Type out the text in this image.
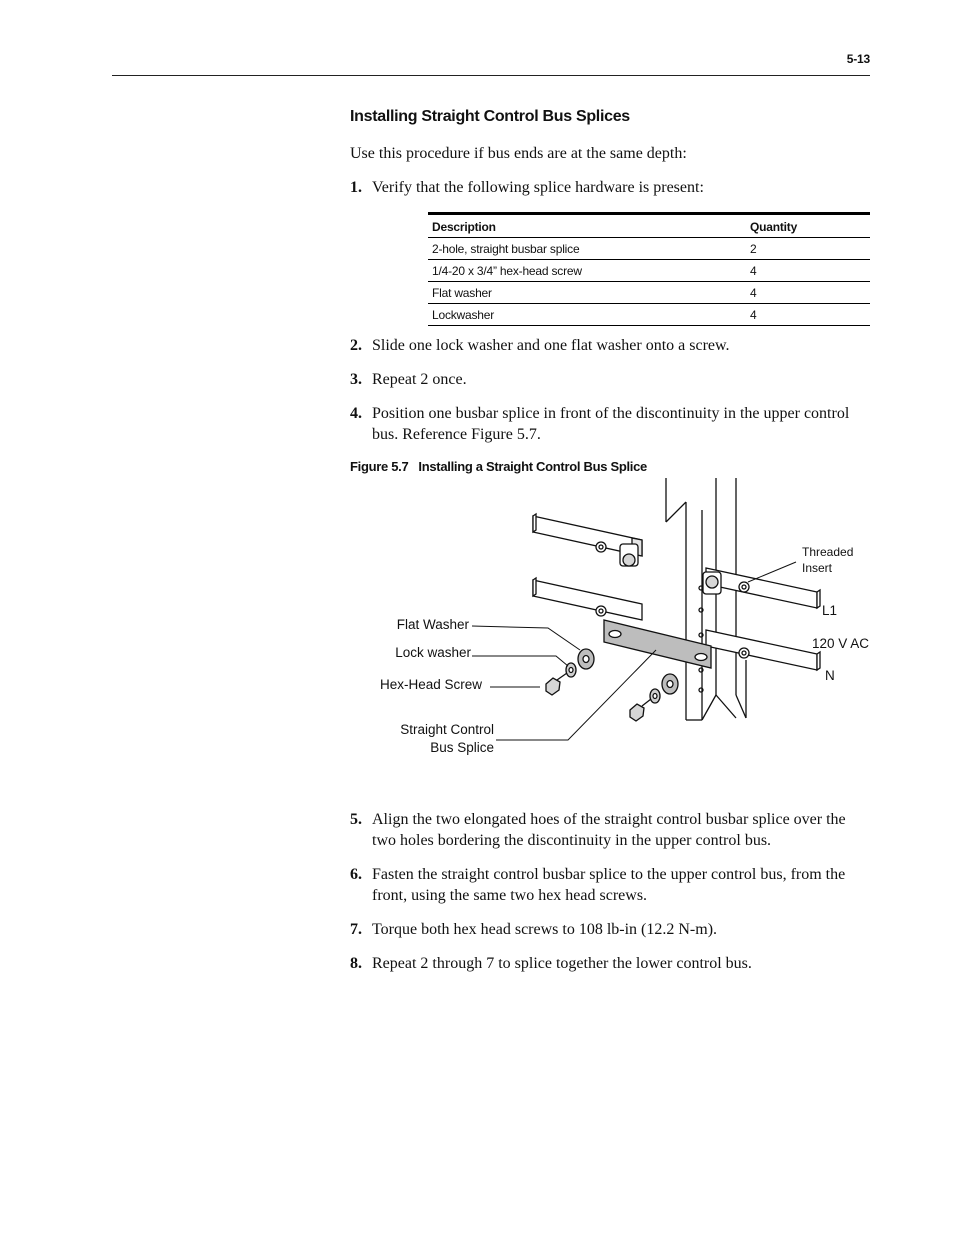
5-13
Installing Straight Control Bus Splices

Use this procedure if bus ends are at the same depth:

1. Verify that the following splice hardware is present:
Description	Quantity
2-hole, straight busbar splice	2
1/4-20 x 3/4” hex-head screw	4
Flat washer	4
Lockwasher	4
2. Slide one lock washer and one flat washer onto a screw.
3. Repeat 2 once.
4. Position one busbar splice in front of the discontinuity in the upper control bus. Reference Figure 5.7.

Figure 5.7 Installing a Straight Control Bus Splice

Flat Washer
Lock washer
Hex-Head Screw
Straight Control
Bus Splice
Threaded
Insert
L1
120 V AC
N
5. Align the two elongated hoes of the straight control busbar splice over the two holes bordering the discontinuity in the upper control bus.
6. Fasten the straight control busbar splice to the upper control bus, from the front, using the same two hex head screws.
7. Torque both hex head screws to 108 lb-in (12.2 N-m).
8. Repeat 2 through 7 to splice together the lower control bus.
